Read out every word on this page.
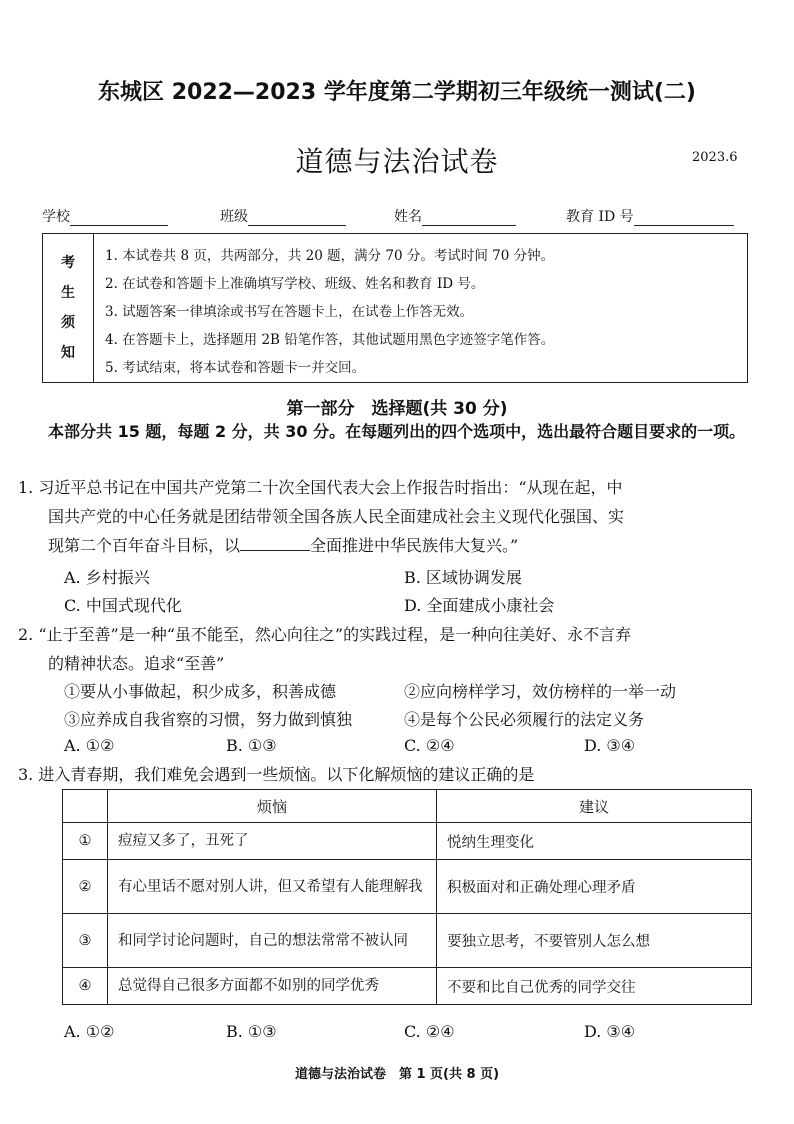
东城区 2022—2023 学年度第二学期初三年级统一测试(二)
道德与法治试卷	2023.6
学校	班级	姓名	教育 ID 号
考
生
须
知
1. 本试卷共 8 页，共两部分，共 20 题，满分 70 分。考试时间 70 分钟。
2. 在试卷和答题卡上准确填写学校、班级、姓名和教育 ID 号。
3. 试题答案一律填涂或书写在答题卡上，在试卷上作答无效。
4. 在答题卡上，选择题用 2B 铅笔作答，其他试题用黑色字迹签字笔作答。
5. 考试结束，将本试卷和答题卡一并交回。
第一部分　选择题(共 30 分)
本部分共 15 题，每题 2 分，共 30 分。在每题列出的四个选项中，选出最符合题目要求的一项。
1. 习近平总书记在中国共产党第二十次全国代表大会上作报告时指出：“从现在起，中
国共产党的中心任务就是团结带领全国各族人民全面建成社会主义现代化强国、实
现第二个百年奋斗目标，以	全面推进中华民族伟大复兴。”
A. 乡村振兴	B. 区域协调发展
C. 中国式现代化	D. 全面建成小康社会
2. “止于至善”是一种“虽不能至，然心向往之”的实践过程，是一种向往美好、永不言弃
的精神状态。追求“至善”
①要从小事做起，积少成多，积善成德	②应向榜样学习，效仿榜样的一举一动
③应养成自我省察的习惯，努力做到慎独	④是每个公民必须履行的法定义务
A. ①②	B. ①③	C. ②④	D. ③④
3. 进入青春期，我们难免会遇到一些烦恼。以下化解烦恼的建议正确的是
	烦恼	建议
①	痘痘又多了，丑死了	悦纳生理变化
②	有心里话不愿对别人讲，但又希望有人能理解我	积极面对和正确处理心理矛盾
③	和同学讨论问题时，自己的想法常常不被认同	要独立思考，不要管别人怎么想
④	总觉得自己很多方面都不如别的同学优秀	不要和比自己优秀的同学交往
A. ①②	B. ①③	C. ②④	D. ③④
道德与法治试卷　第 1 页(共 8 页)
